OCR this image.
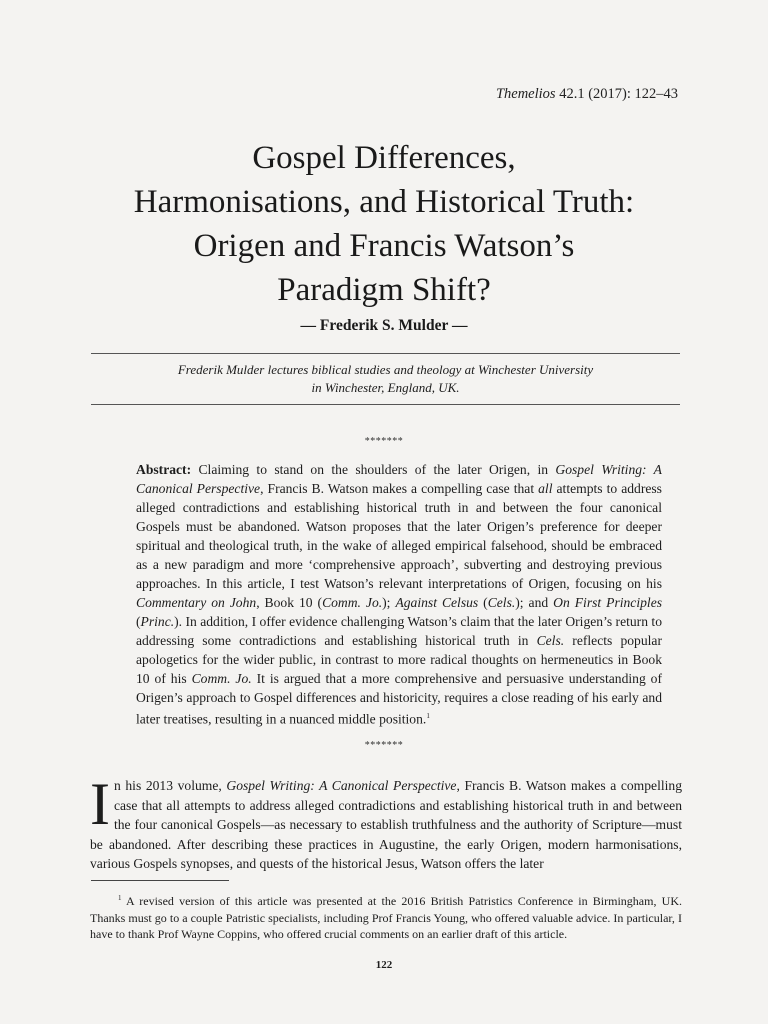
Themelios 42.1 (2017): 122–43
Gospel Differences,
Harmonisations, and Historical Truth:
Origen and Francis Watson’s
Paradigm Shift?
— Frederik S. Mulder —
Frederik Mulder lectures biblical studies and theology at Winchester University
in Winchester, England, UK.
*******
Abstract: Claiming to stand on the shoulders of the later Origen, in Gospel Writing: A Canonical Perspective, Francis B. Watson makes a compelling case that all attempts to address alleged contradictions and establishing historical truth in and between the four canonical Gospels must be abandoned. Watson proposes that the later Origen’s preference for deeper spiritual and theological truth, in the wake of alleged empirical falsehood, should be embraced as a new paradigm and more ‘comprehensive approach’, subverting and destroying previous approaches. In this article, I test Watson’s relevant interpretations of Origen, focusing on his Commentary on John, Book 10 (Comm. Jo.); Against Celsus (Cels.); and On First Principles (Princ.). In addition, I offer evidence challenging Watson’s claim that the later Origen’s return to addressing some contradictions and establishing historical truth in Cels. reflects popular apologetics for the wider public, in contrast to more radical thoughts on hermeneutics in Book 10 of his Comm. Jo. It is argued that a more comprehensive and persuasive understanding of Origen’s approach to Gospel differences and historicity, requires a close reading of his early and later treatises, resulting in a nuanced middle position.$^1$
*******
In his 2013 volume, Gospel Writing: A Canonical Perspective, Francis B. Watson makes a compelling case that all attempts to address alleged contradictions and establishing historical truth in and between the four canonical Gospels—as necessary to establish truthfulness and the authority of Scripture—must be abandoned. After describing these practices in Augustine, the early Origen, modern harmonisations, various Gospels synopses, and quests of the historical Jesus, Watson offers the later
$^1$ A revised version of this article was presented at the 2016 British Patristics Conference in Birmingham, UK. Thanks must go to a couple Patristic specialists, including Prof Francis Young, who offered valuable advice. In particular, I have to thank Prof Wayne Coppins, who offered crucial comments on an earlier draft of this article.
122
